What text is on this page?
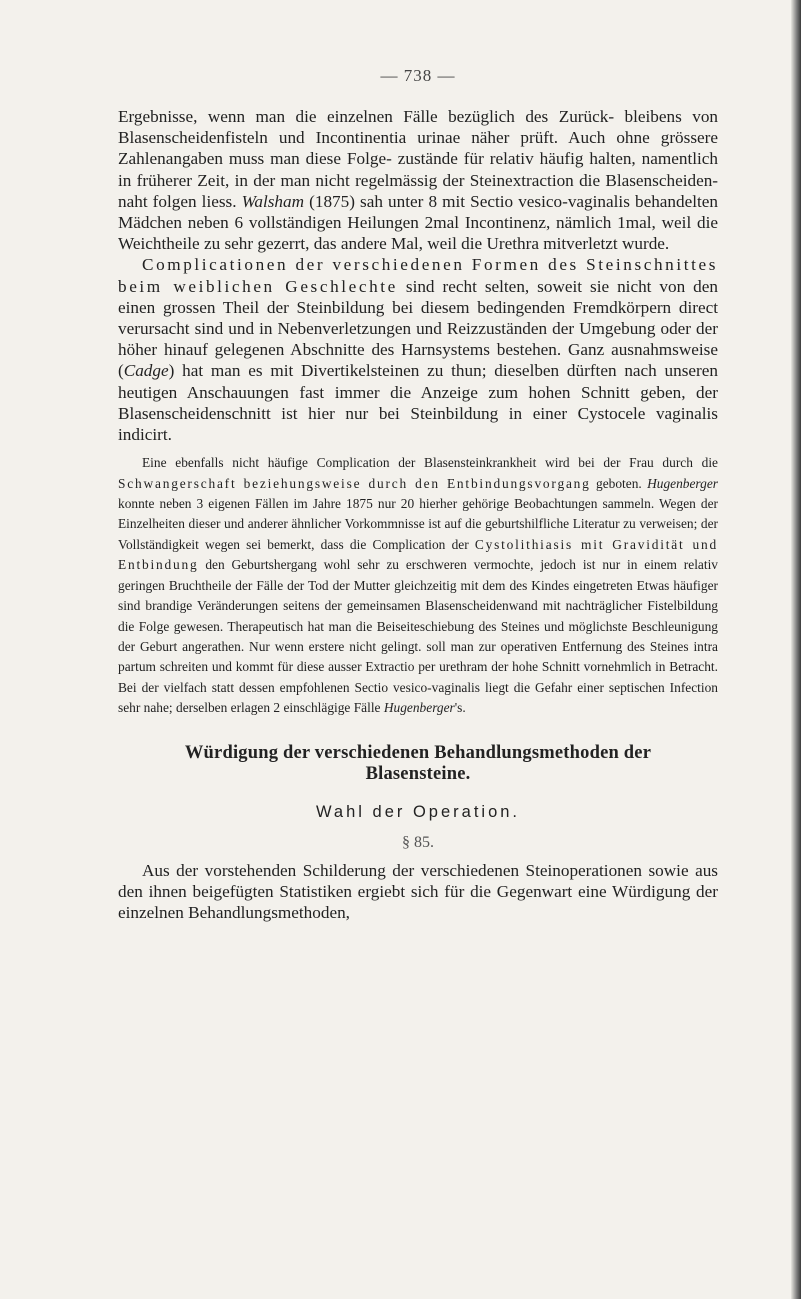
— 738 —

Ergebnisse, wenn man die einzelnen Fälle bezüglich des Zurück- bleibens von Blasenscheidenfisteln und Incontinentia urinae näher prüft. Auch ohne grössere Zahlenangaben muss man diese Folge- zustände für relativ häufig halten, namentlich in früherer Zeit, in der man nicht regelmässig der Steinextraction die Blasenscheiden- naht folgen liess. Walsham (1875) sah unter 8 mit Sectio vesico-vaginalis behandelten Mädchen neben 6 vollständigen Heilungen 2mal Incontinenz, nämlich 1mal, weil die Weichtheile zu sehr gezerrt, das andere Mal, weil die Urethra mitverletzt wurde.

Complicationen der verschiedenen Formen des Steinschnittes beim weiblichen Geschlechte sind recht selten, soweit sie nicht von den einen grossen Theil der Steinbildung bei diesem bedingenden Fremdkörpern direct verursacht sind und in Nebenverletzungen und Reizzuständen der Umgebung oder der höher hinauf gelegenen Abschnitte des Harnsystems bestehen. Ganz ausnahmsweise (Cadge) hat man es mit Divertikelsteinen zu thun; dieselben dürften nach unseren heutigen Anschauungen fast immer die Anzeige zum hohen Schnitt geben, der Blasenscheidenschnitt ist hier nur bei Steinbildung in einer Cystocele vaginalis indicirt.

Eine ebenfalls nicht häufige Complication der Blasensteinkrankheit wird bei der Frau durch die Schwangerschaft beziehungsweise durch den Entbindungsvorgang geboten. Hugenberger konnte neben 3 eigenen Fällen im Jahre 1875 nur 20 hierher gehörige Beobachtungen sammeln. Wegen der Einzelheiten dieser und anderer ähnlicher Vorkommnisse ist auf die geburtshilfliche Literatur zu verweisen; der Vollständigkeit wegen sei bemerkt, dass die Complication der Cystolithiasis mit Gravidität und Entbindung den Geburtshergang wohl sehr zu erschweren vermochte, jedoch ist nur in einem relativ geringen Bruchtheile der Fälle der Tod der Mutter gleichzeitig mit dem des Kindes eingetreten Etwas häufiger sind brandige Veränderungen seitens der gemeinsamen Blasenscheidenwand mit nachträglicher Fistelbildung die Folge gewesen. Therapeutisch hat man die Beiseiteschiebung des Steines und möglichste Beschleunigung der Geburt angerathen. Nur wenn erstere nicht gelingt. soll man zur operativen Entfernung des Steines intra partum schreiten und kommt für diese ausser Extractio per urethram der hohe Schnitt vornehmlich in Betracht. Bei der vielfach statt dessen empfohlenen Sectio vesico-vaginalis liegt die Gefahr einer septischen Infection sehr nahe; derselben erlagen 2 einschlägige Fälle Hugenberger's.

Würdigung der verschiedenen Behandlungsmethoden der
Blasensteine.
Wahl der Operation.
§ 85.

Aus der vorstehenden Schilderung der verschiedenen Steinoperationen sowie aus den ihnen beigefügten Statistiken ergiebt sich für die Gegenwart eine Würdigung der einzelnen Behandlungsmethoden,
